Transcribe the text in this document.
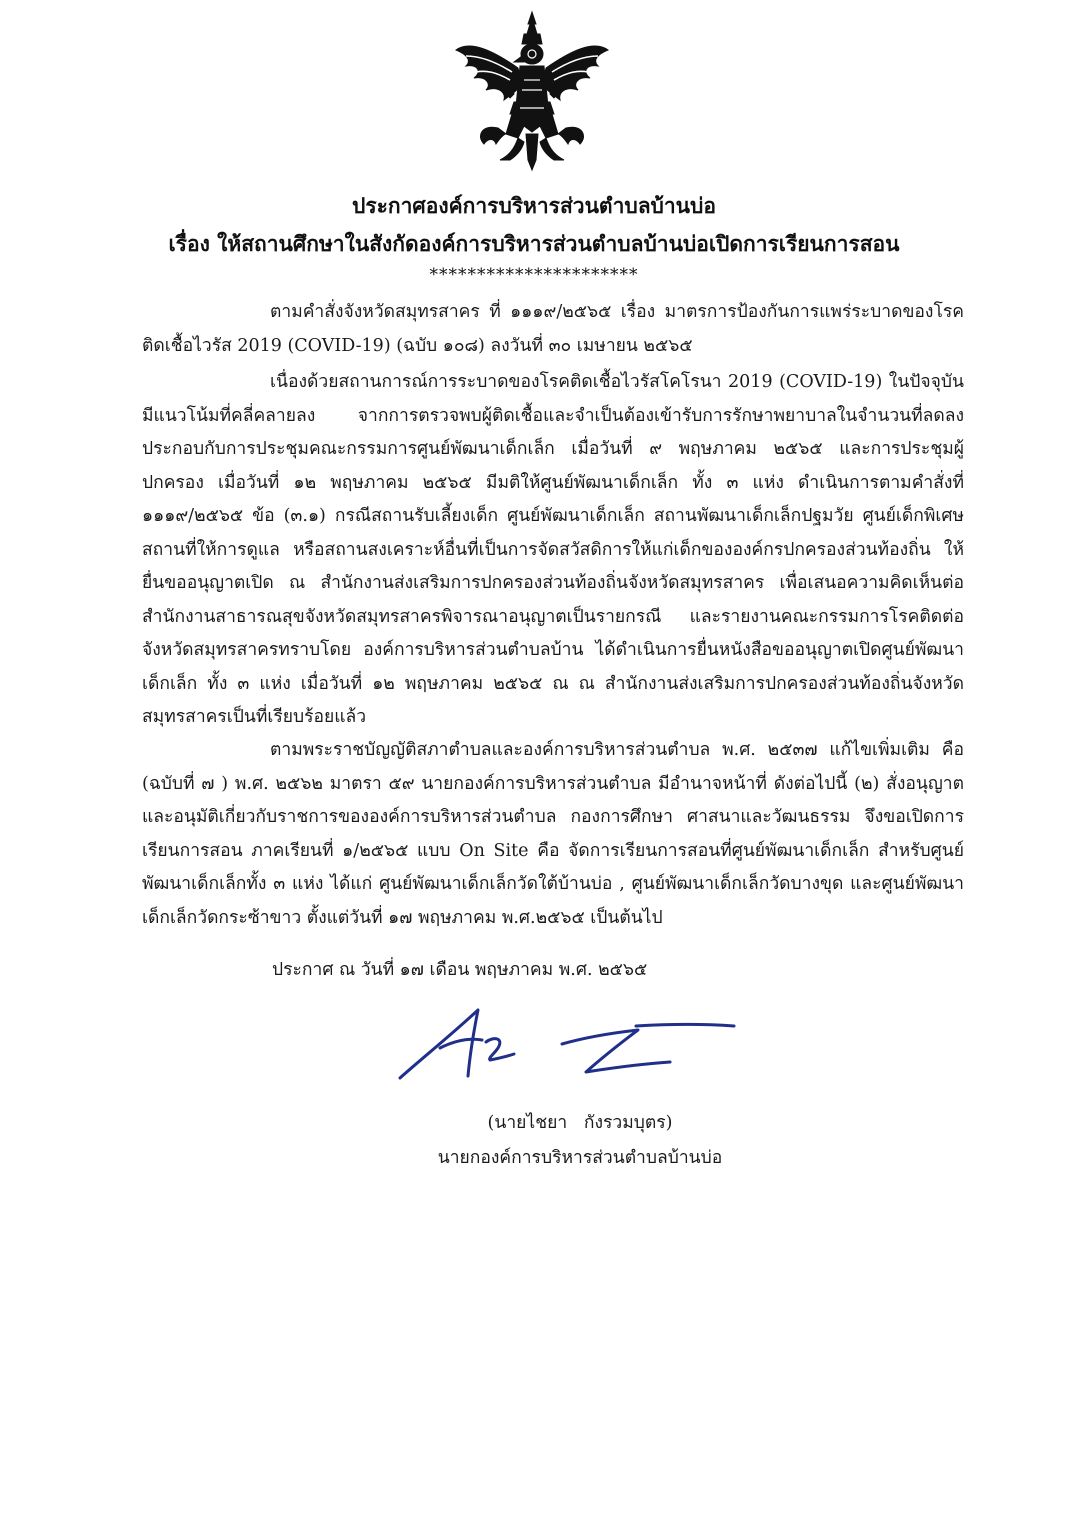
ประกาศองค์การบริหารส่วนตำบลบ้านบ่อ
เรื่อง ให้สถานศึกษาในสังกัดองค์การบริหารส่วนตำบลบ้านบ่อเปิดการเรียนการสอน
**********************

ตามคำสั่งจังหวัดสมุทรสาคร ที่ ๑๑๑๙/๒๕๖๕ เรื่อง มาตรการป้องกันการแพร่ระบาดของโรคติดเชื้อไวรัส 2019 (COVID-19) (ฉบับ ๑๐๘) ลงวันที่ ๓๐ เมษายน ๒๕๖๕

เนื่องด้วยสถานการณ์การระบาดของโรคติดเชื้อไวรัสโคโรนา 2019 (COVID-19) ในปัจจุบันมีแนวโน้มที่คลี่คลายลง จากการตรวจพบผู้ติดเชื้อและจำเป็นต้องเข้ารับการรักษาพยาบาลในจำนวนที่ลดลง ประกอบกับการประชุมคณะกรรมการศูนย์พัฒนาเด็กเล็ก เมื่อวันที่ ๙ พฤษภาคม ๒๕๖๕ และการประชุมผู้ปกครอง เมื่อวันที่ ๑๒ พฤษภาคม ๒๕๖๕ มีมติให้ศูนย์พัฒนาเด็กเล็ก ทั้ง ๓ แห่ง ดำเนินการตามคำสั่งที่ ๑๑๑๙/๒๕๖๕ ข้อ (๓.๑) กรณีสถานรับเลี้ยงเด็ก ศูนย์พัฒนาเด็กเล็ก สถานพัฒนาเด็กเล็กปฐมวัย ศูนย์เด็กพิเศษ สถานที่ให้การดูแล หรือสถานสงเคราะห์อื่นที่เป็นการจัดสวัสดิการให้แก่เด็กขององค์กรปกครองส่วนท้องถิ่น ให้ยื่นขออนุญาตเปิด ณ สำนักงานส่งเสริมการปกครองส่วนท้องถิ่นจังหวัดสมุทรสาคร เพื่อเสนอความคิดเห็นต่อสำนักงานสาธารณสุขจังหวัดสมุทรสาครพิจารณาอนุญาตเป็นรายกรณี และรายงานคณะกรรมการโรคติดต่อ จังหวัดสมุทรสาครทราบโดย องค์การบริหารส่วนตำบลบ้าน ได้ดำเนินการยื่นหนังสือขออนุญาตเปิดศูนย์พัฒนาเด็กเล็ก ทั้ง ๓ แห่ง เมื่อวันที่ ๑๒ พฤษภาคม ๒๕๖๕ ณ ณ สำนักงานส่งเสริมการปกครองส่วนท้องถิ่นจังหวัดสมุทรสาครเป็นที่เรียบร้อยแล้ว

ตามพระราชบัญญัติสภาตำบลและองค์การบริหารส่วนตำบล พ.ศ. ๒๕๓๗ แก้ไขเพิ่มเติม คือ (ฉบับที่ ๗ ) พ.ศ. ๒๕๖๒ มาตรา ๕๙ นายกองค์การบริหารส่วนตำบล มีอำนาจหน้าที่ ดังต่อไปนี้ (๒) สั่งอนุญาตและอนุมัติเกี่ยวกับราชการขององค์การบริหารส่วนตำบล กองการศึกษา ศาสนาและวัฒนธรรม จึงขอเปิดการเรียนการสอน ภาคเรียนที่ ๑/๒๕๖๕ แบบ On Site คือ จัดการเรียนการสอนที่ศูนย์พัฒนาเด็กเล็ก สำหรับศูนย์พัฒนาเด็กเล็กทั้ง ๓ แห่ง ได้แก่ ศูนย์พัฒนาเด็กเล็กวัดใต้บ้านบ่อ , ศูนย์พัฒนาเด็กเล็กวัดบางขุด และศูนย์พัฒนาเด็กเล็กวัดกระซ้าขาว ตั้งแต่วันที่ ๑๗ พฤษภาคม พ.ศ.๒๕๖๕ เป็นต้นไป

ประกาศ ณ วันที่ ๑๗ เดือน พฤษภาคม พ.ศ. ๒๕๖๕
(นายไชยา   กังรวมบุตร)
นายกองค์การบริหารส่วนตำบลบ้านบ่อ
